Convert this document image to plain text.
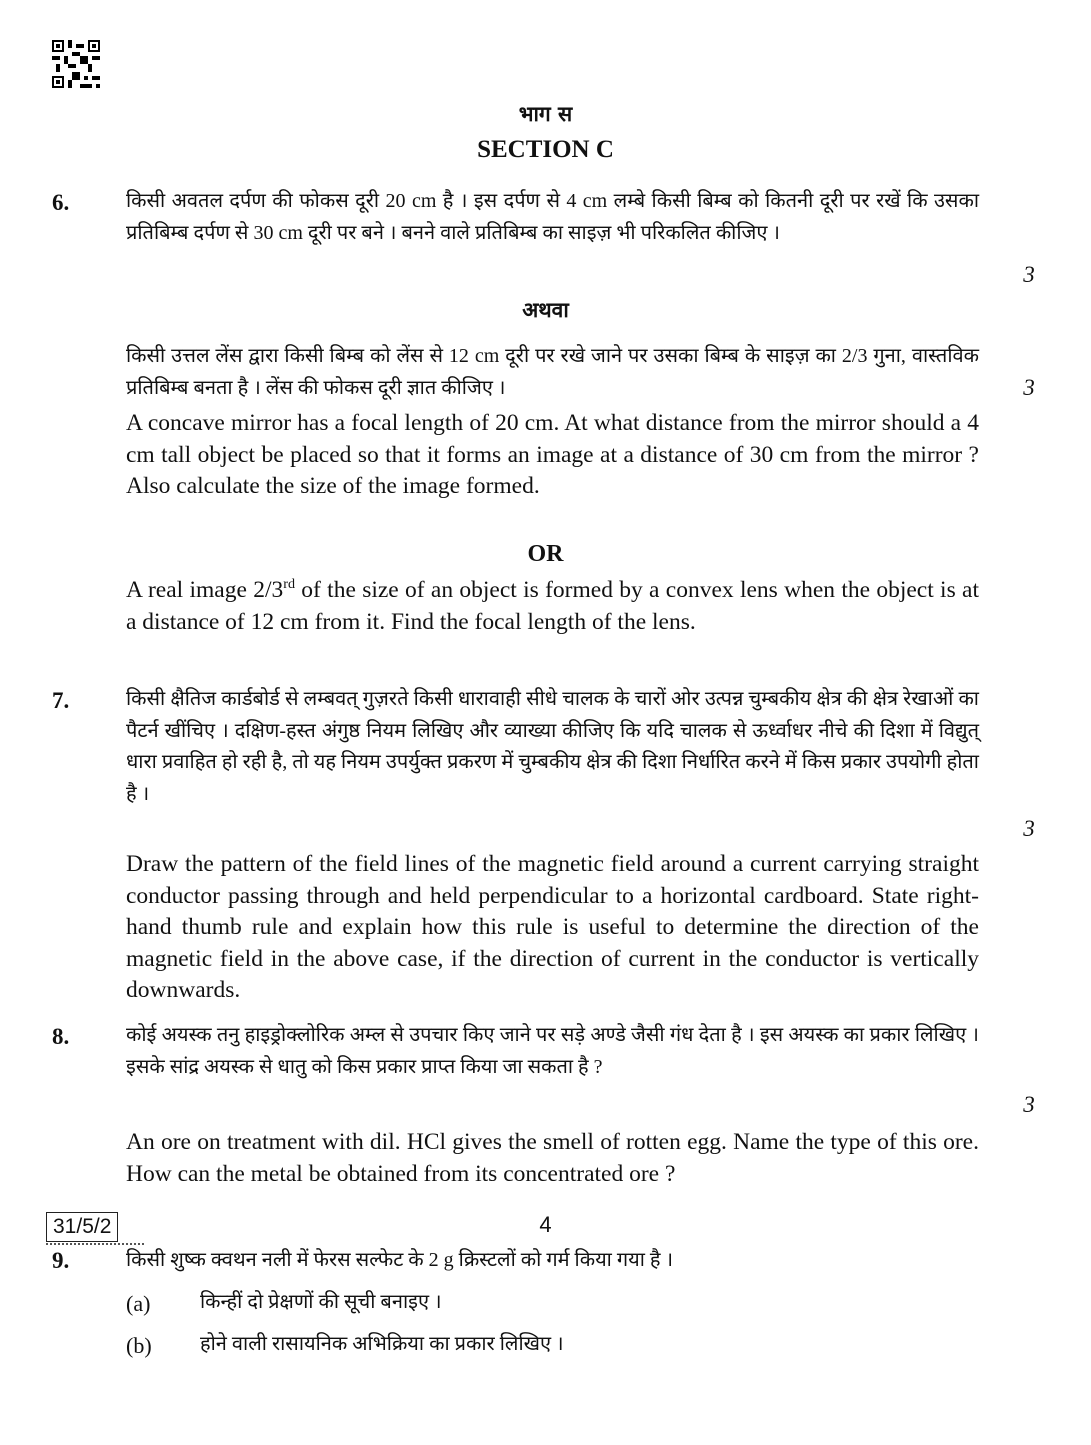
भाग स
SECTION C
6.	किसी अवतल दर्पण की फोकस दूरी 20 cm है । इस दर्पण से 4 cm लम्बे किसी बिम्ब को कितनी दूरी पर रखें कि उसका प्रतिबिम्ब दर्पण से 30 cm दूरी पर बने । बनने वाले प्रतिबिम्ब का साइज़ भी परिकलित कीजिए ।
3
अथवा
किसी उत्तल लेंस द्वारा किसी बिम्ब को लेंस से 12 cm दूरी पर रखे जाने पर उसका बिम्ब के साइज़ का 2/3 गुना, वास्तविक प्रतिबिम्ब बनता है । लेंस की फोकस दूरी ज्ञात कीजिए ।	3
A concave mirror has a focal length of 20 cm. At what distance from the mirror should a 4 cm tall object be placed so that it forms an image at a distance of 30 cm from the mirror ? Also calculate the size of the image formed.
OR
A real image 2/3rd of the size of an object is formed by a convex lens when the object is at a distance of 12 cm from it. Find the focal length of the lens.
7.	किसी क्षैतिज कार्डबोर्ड से लम्बवत् गुज़रते किसी धारावाही सीधे चालक के चारों ओर उत्पन्न चुम्बकीय क्षेत्र की क्षेत्र रेखाओं का पैटर्न खींचिए । दक्षिण-हस्त अंगुष्ठ नियम लिखिए और व्याख्या कीजिए कि यदि चालक से ऊर्ध्वाधर नीचे की दिशा में विद्युत् धारा प्रवाहित हो रही है, तो यह नियम उपर्युक्त प्रकरण में चुम्बकीय क्षेत्र की दिशा निर्धारित करने में किस प्रकार उपयोगी होता है ।
3
Draw the pattern of the field lines of the magnetic field around a current carrying straight conductor passing through and held perpendicular to a horizontal cardboard. State right-hand thumb rule and explain how this rule is useful to determine the direction of the magnetic field in the above case, if the direction of current in the conductor is vertically downwards.
8.	कोई अयस्क तनु हाइड्रोक्लोरिक अम्ल से उपचार किए जाने पर सड़े अण्डे जैसी गंध देता है । इस अयस्क का प्रकार लिखिए । इसके सांद्र अयस्क से धातु को किस प्रकार प्राप्त किया जा सकता है ?
3
An ore on treatment with dil. HCl gives the smell of rotten egg. Name the type of this ore. How can the metal be obtained from its concentrated ore ?
9.	किसी शुष्क क्वथन नली में फेरस सल्फेट के 2 g क्रिस्टलों को गर्म किया गया है ।
(a) किन्हीं दो प्रेक्षणों की सूची बनाइए ।
(b) होने वाली रासायनिक अभिक्रिया का प्रकार लिखिए ।
31/5/2	4
